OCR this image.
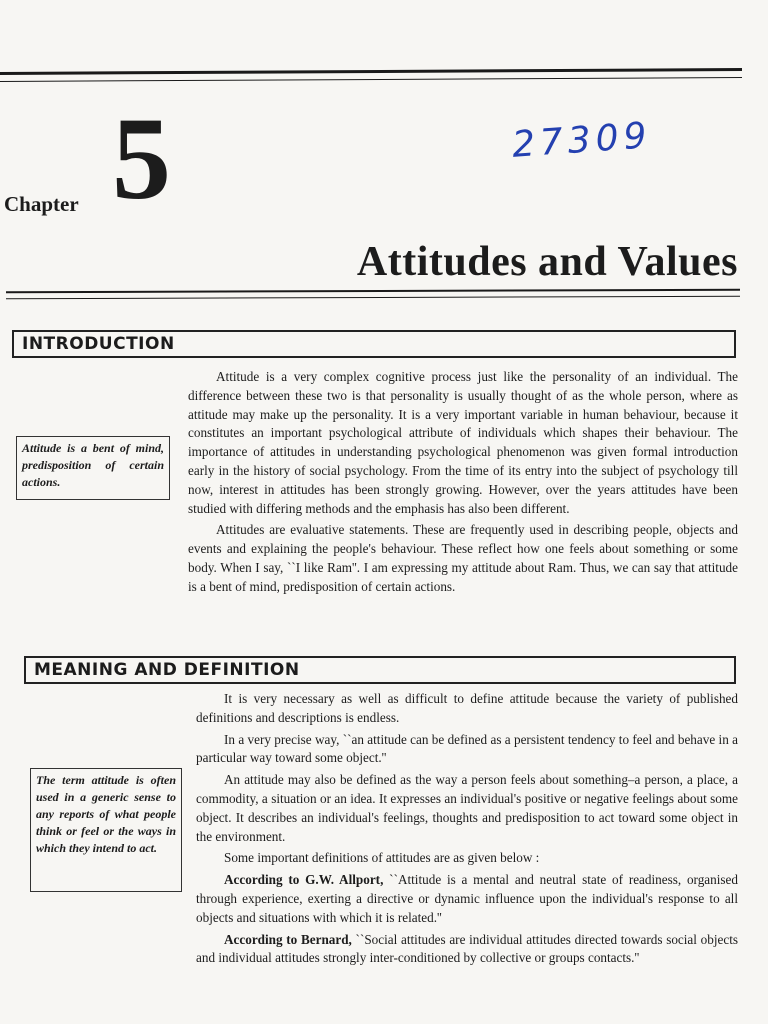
Chapter 5	27309
Attitudes and Values
INTRODUCTION
Attitude is a bent of mind, predisposition of certain actions.

Attitude is a very complex cognitive process just like the personality of an individual. The difference between these two is that personality is usually thought of as the whole person, where as attitude may make up the personality. It is a very important variable in human behaviour, because it constitutes an important psychological attribute of individuals which shapes their behaviour. The importance of attitudes in understanding psychological phenomenon was given formal introduction early in the history of social psychology. From the time of its entry into the subject of psychology till now, interest in attitudes has been strongly growing. However, over the years attitudes have been studied with differing methods and the emphasis has also been different.

Attitudes are evaluative statements. These are frequently used in describing people, objects and events and explaining the people's behaviour. These reflect how one feels about something or some body. When I say, ``I like Ram''. I am expressing my attitude about Ram. Thus, we can say that attitude is a bent of mind, predisposition of certain actions.

MEANING AND DEFINITION
The term attitude is often used in a generic sense to any reports of what people think or feel or the ways in which they intend to act.

It is very necessary as well as difficult to define attitude because the variety of published definitions and descriptions is endless.

In a very precise way, ``an attitude can be defined as a persistent tendency to feel and behave in a particular way toward some object.''

An attitude may also be defined as the way a person feels about something–a person, a place, a commodity, a situation or an idea. It expresses an individual's positive or negative feelings about some object. It describes an individual's feelings, thoughts and predisposition to act toward some object in the environment.

Some important definitions of attitudes are as given below :

According to G.W. Allport, ``Attitude is a mental and neutral state of readiness, organised through experience, exerting a directive or dynamic influence upon the individual's response to all objects and situations with which it is related.''

According to Bernard, ``Social attitudes are individual attitudes directed towards social objects and individual attitudes strongly inter-conditioned by collective or groups contacts.''
